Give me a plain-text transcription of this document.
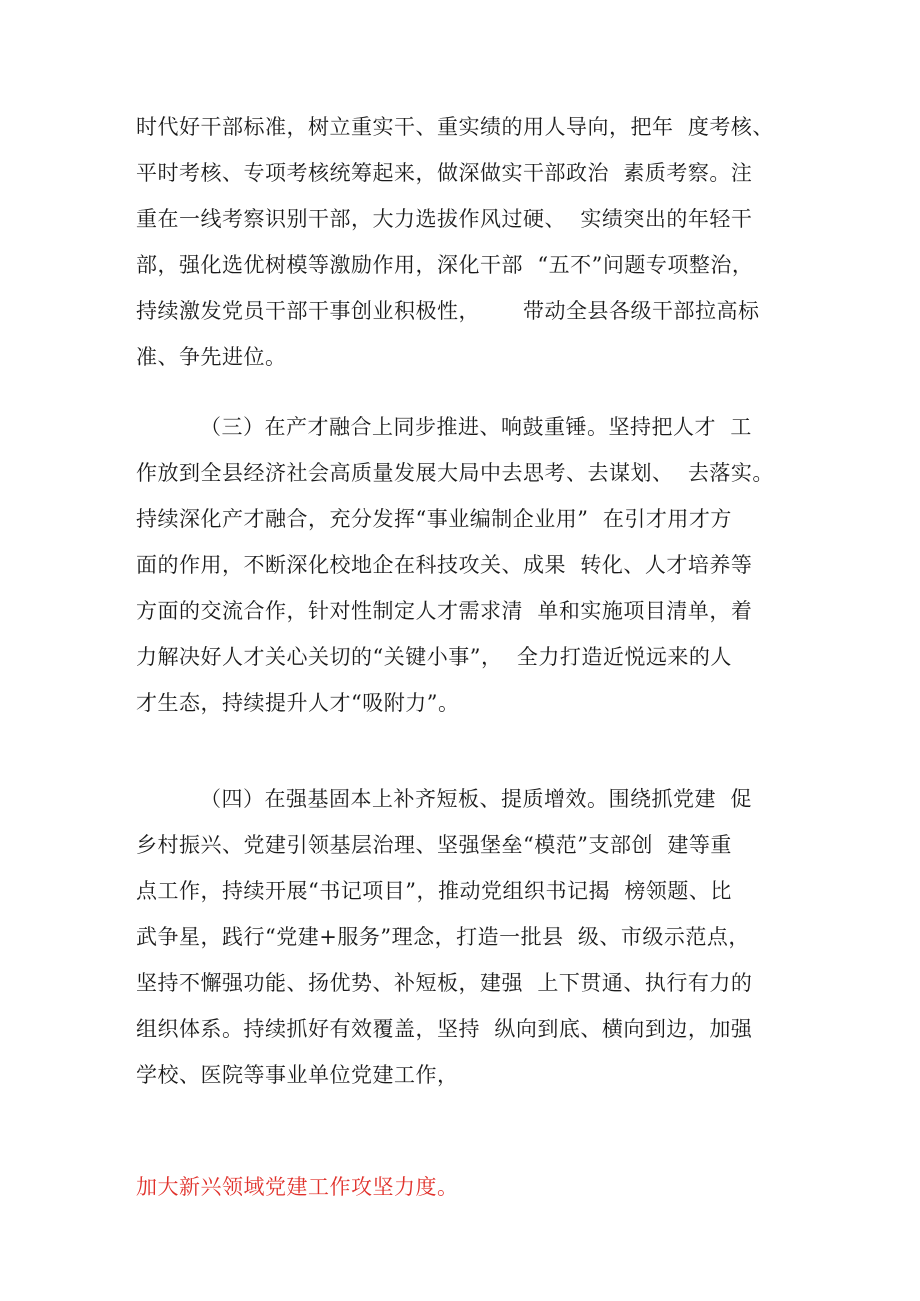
时代好干部标准，树立重实干、重实绩的用人导向，把年  度考核、
平时考核、专项考核统筹起来，做深做实干部政治  素质考察。注
重在一线考察识别干部，大力选拔作风过硬、  实绩突出的年轻干
部，强化选优树模等激励作用，深化干部  “五不”问题专项整治，
持续激发党员干部干事创业积极性，      带动全县各级干部拉高标
准、争先进位。
（三）在产才融合上同步推进、响鼓重锤。坚持把人才  工
作放到全县经济社会高质量发展大局中去思考、去谋划、  去落实。
持续深化产才融合，充分发挥“事业编制企业用”  在引才用才方
面的作用，不断深化校地企在科技攻关、成果  转化、人才培养等
方面的交流合作，针对性制定人才需求清  单和实施项目清单，着
力解决好人才关心关切的“关键小事”，  全力打造近悦远来的人
才生态，持续提升人才“吸附力”。
（四）在强基固本上补齐短板、提质增效。围绕抓党建  促
乡村振兴、党建引领基层治理、坚强堡垒“模范”支部创  建等重
点工作，持续开展“书记项目”，推动党组织书记揭  榜领题、比
武争星，践行“党建+服务”理念，打造一批县  级、市级示范点，
坚持不懈强功能、扬优势、补短板，建强  上下贯通、执行有力的
组织体系。持续抓好有效覆盖，坚持  纵向到底、横向到边，加强
学校、医院等事业单位党建工作，
加大新兴领域党建工作攻坚力度。
